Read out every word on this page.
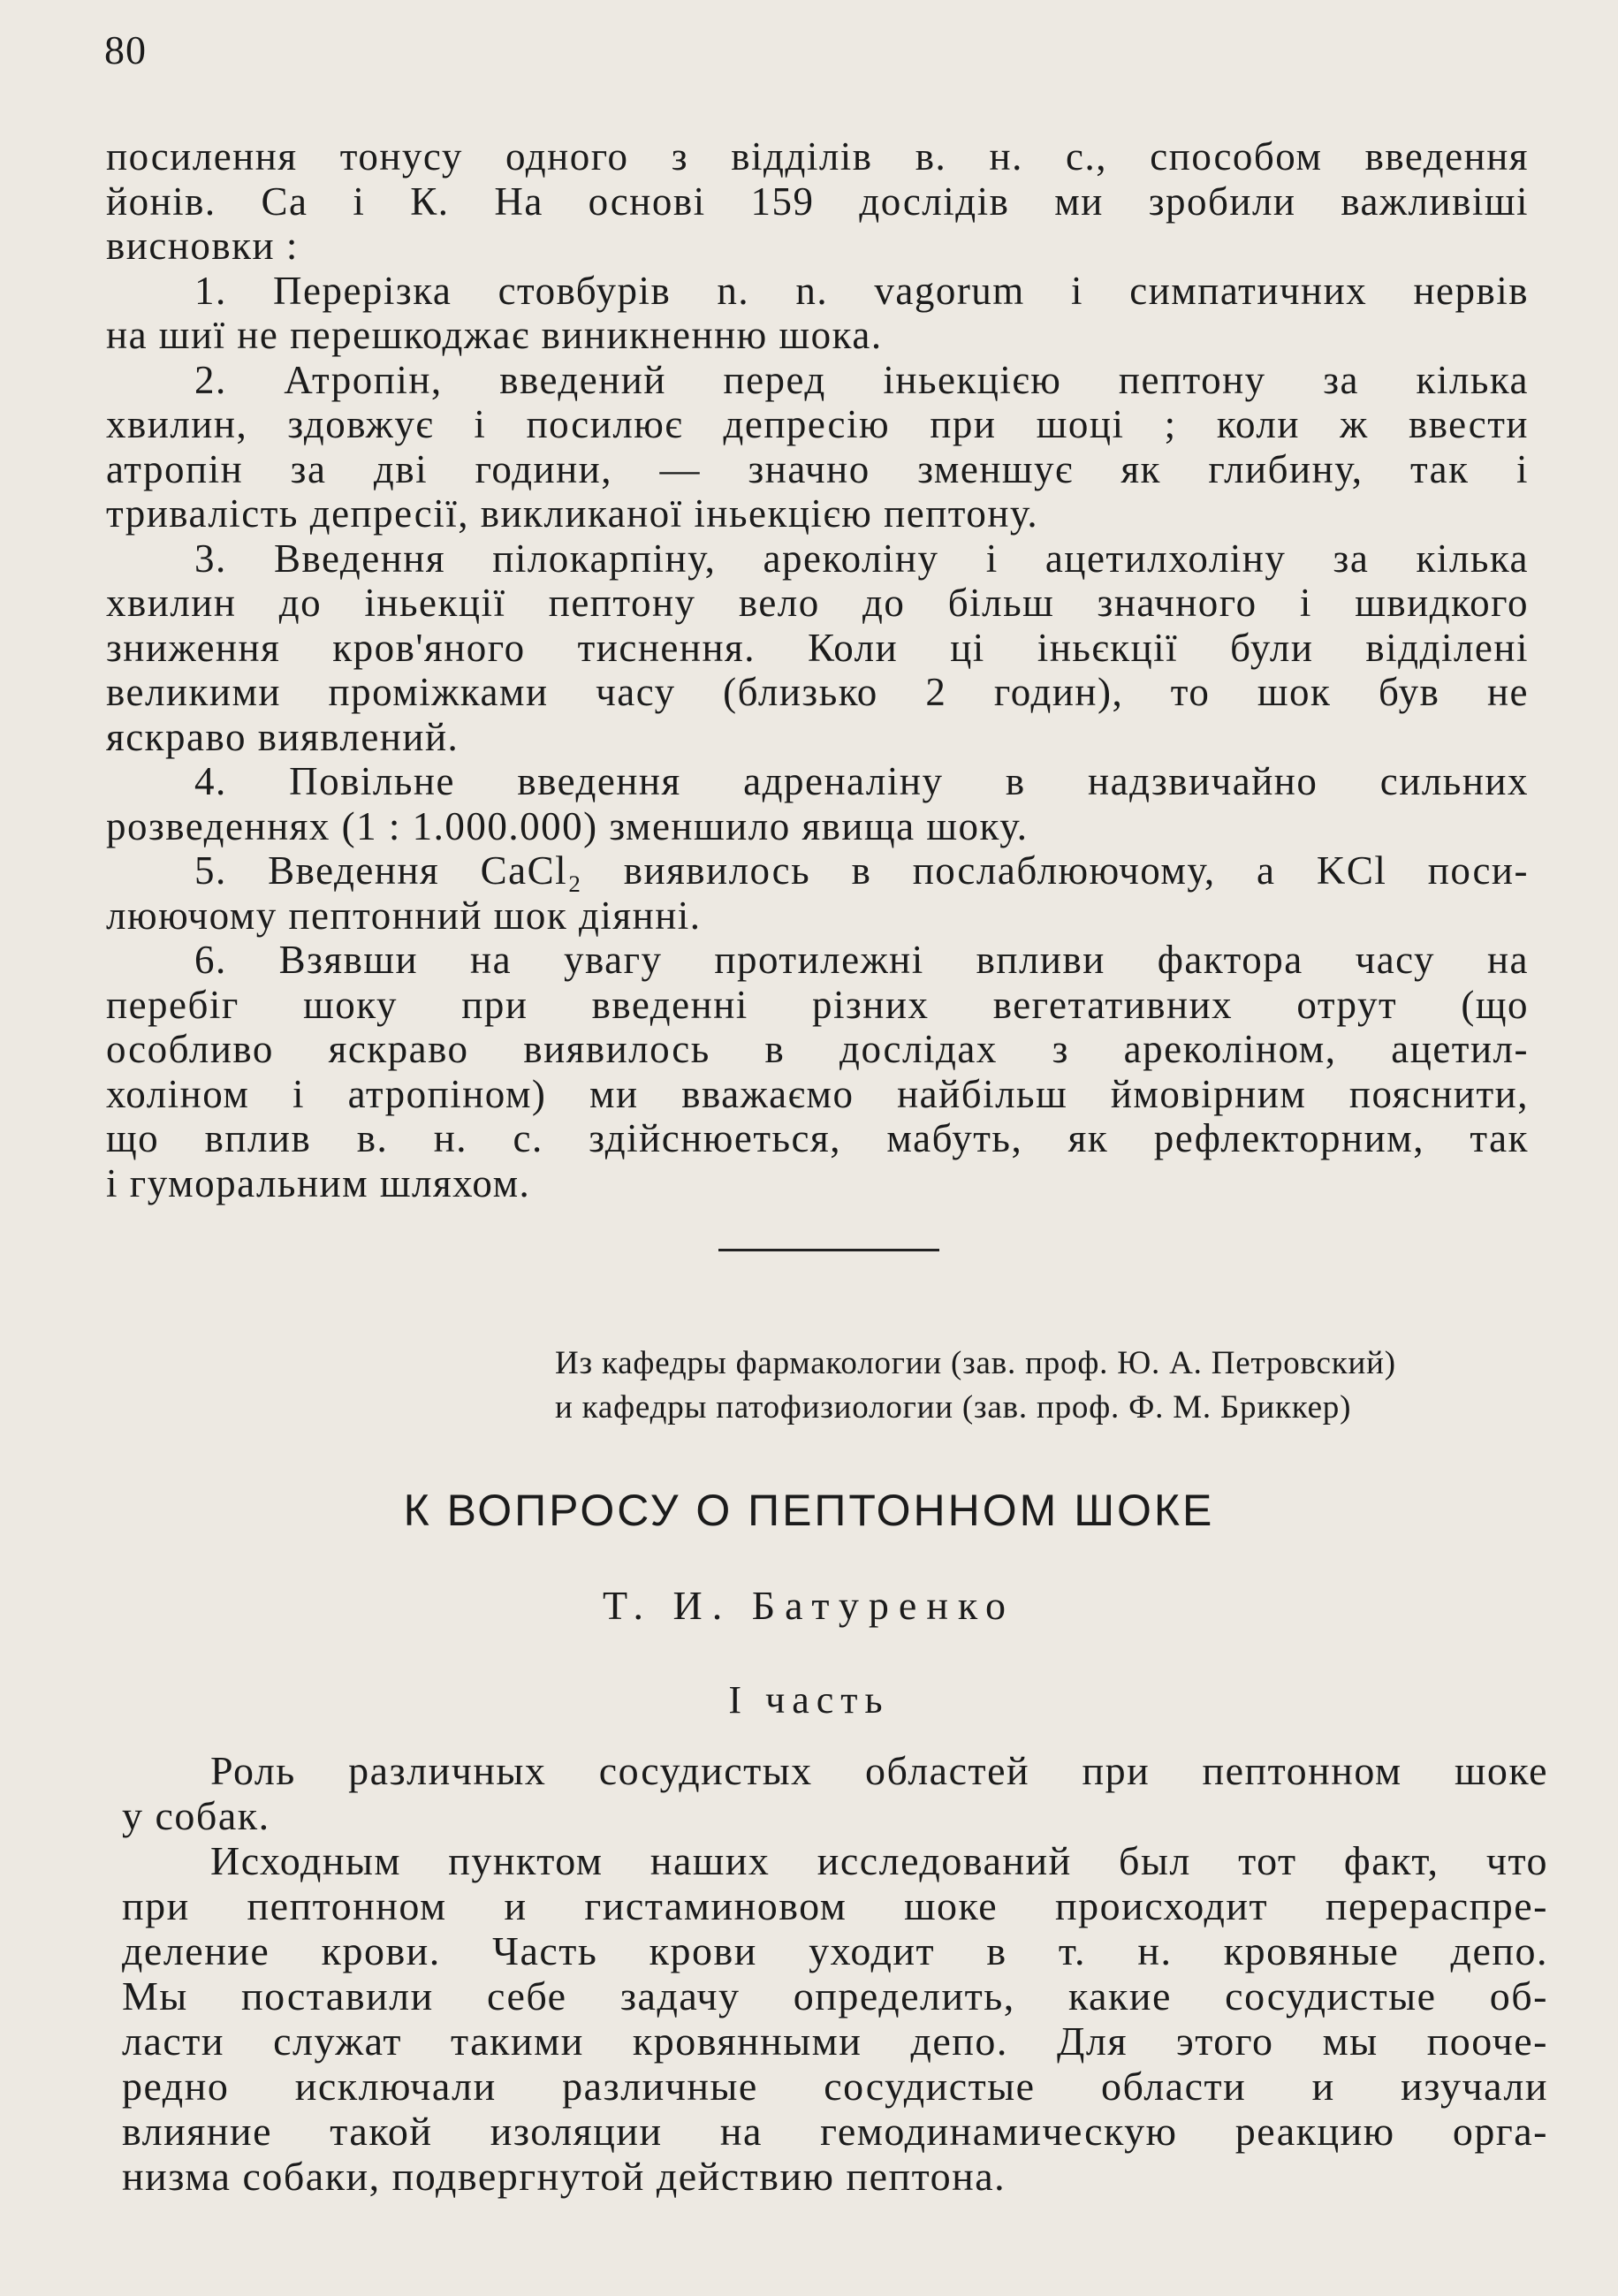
80
посилення тонусу одного з відділів в. н. с., способом введення
йонів. Са і К. На основі 159 дослідів ми зробили важливіші
висновки :
1. Перерізка стовбурів n. n. vagorum і симпатичних нервів
на шиї не перешкоджає виникненню шока.
2. Атропін, введений перед іньекцією пептону за кілька
хвилин, здовжує і посилює депресію при шоці ; коли ж ввести
атропін за дві години, — значно зменшує як глибину, так і
тривалість депресії, викликаної іньекцією пептону.
3. Введення пілокарпіну, ареколіну і ацетилхоліну за кілька
хвилин до іньекції пептону вело до більш значного і швидкого
зниження кров'яного тиснення. Коли ці іньєкції були відділені
великими проміжками часу (близько 2 годин), то шок був не
яскраво виявлений.
4. Повільне введення адреналіну в надзвичайно сильних
розведеннях (1 : 1.000.000) зменшило явища шоку.
5. Введення CaCl₂ виявилось в послаблюючому, а KCl поси-
люючому пептонний шок діянні.
6. Взявши на увагу протилежні впливи фактора часу на
перебіг шоку при введенні різних вегетативних отрут (що
особливо яскраво виявилось в дослідах з ареколіном, ацетил-
холіном і атропіном) ми вважаємо найбільш ймовірним пояснити,
що вплив в. н. с. здійснюеться, мабуть, як рефлекторним, так
і гуморальним шляхом.
Из кафедры фармакологии (зав. проф. Ю. А. Петровский)
и кафедры патофизиологии (зав. проф. Ф. М. Бриккер)
К ВОПРОСУ О ПЕПТОННОМ ШОКЕ
Т. И. Батуренко
I часть
Роль различных сосудистых областей при пептонном шоке
у собак.
Исходным пунктом наших исследований был тот факт, что
при пептонном и гистаминовом шоке происходит перераспре-
деление крови. Часть крови уходит в т. н. кровяные депо.
Мы поставили себе задачу определить, какие сосудистые об-
ласти служат такими кровянными депо. Для этого мы пооче-
редно исключали различные сосудистые области и изучали
влияние такой изоляции на гемодинамическую реакцию орга-
низма собаки, подвергнутой действию пептона.
